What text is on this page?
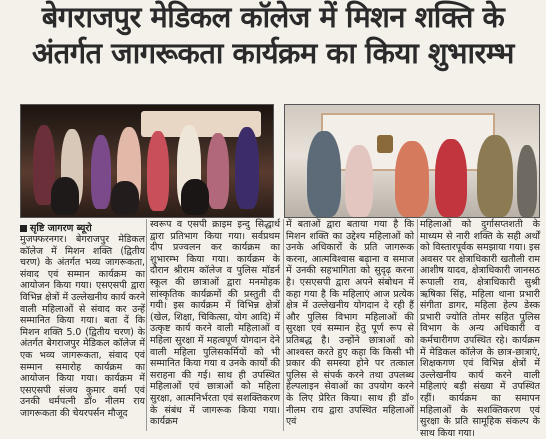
बेगराजपुर मेडिकल कॉलेज में मिशन शक्ति के
अंतर्गत जागरूकता कार्यक्रम का किया शुभारम्भ
सृष्टि जागरण ब्यूरो
मुजफ्फरनगर। बेगराजपुर मेडिकल कॉलेज में मिशन शक्ति (द्वितीय चरण) के अंतर्गत भव्य जागरूकता, संवाद एवं सम्मान कार्यक्रम का आयोजन किया गया। एसएसपी द्वारा विभिन्न क्षेत्रों में उल्लेखनीय कार्य करने वाली महिलाओं से संवाद कर उन्हें सम्मानित किया गया। बता दें कि मिशन शक्ति 5.0 (द्वितीय चरण) के अंतर्गत बेगराजपुर मेडिकल कॉलेज में एक भव्य जागरूकता, संवाद एवं सम्मान समारोह कार्यक्रम का आयोजन किया गया। कार्यक्रम में एसएसपी संजय कुमार वर्मा एवं उनकी धर्मपत्नी डॉ० नीलम राय जागरूकता की चेयरपर्सन मौजूद
स्वरूप व एसपी क्राइम इन्दु सिद्धार्थ द्वारा प्रतिभाग किया गया। सर्वप्रथम दीप प्रज्वलन कर कार्यक्रम का शुभारम्भ किया गया। कार्यक्रम के दौरान श्रीराम कॉलेज व पुलिस मॉडर्न स्कूल की छात्राओं द्वारा मनमोहक सांस्कृतिक कार्यक्रमों की प्रस्तुती दी गयी। इस कार्यक्रम में विभिन्न क्षेत्रों (खेल, शिक्षा, चिकित्सा, योग आदि) में उत्कृष्ट कार्य करने वाली महिलाओं व महिला सुरक्षा में महत्वपूर्ण योगदान देने वाली महिला पुलिसकर्मियों को भी सम्मानित किया गया व उनके कार्यों की सराहना की गई। साथ ही उपस्थित महिलाओं एवं छात्राओं को महिला सुरक्षा, आत्मनिर्भरता एवं सशक्तिकरण के संबंध में जागरूक किया गया। कार्यक्रम
में बताओं द्वारा बताया गया है कि मिशन शक्ति का उद्देश्य महिलाओं को उनके अधिकारों के प्रति जागरूक करना, आत्मविश्वास बढ़ाना व समाज में उनकी सहभागिता को सुदृढ़ करना है। एसएसपी द्वारा अपने संबोधन में कहा गया है कि महिलाएं आज प्रत्येक क्षेत्र में उल्लेखनीय योगदान दे रही हैं और पुलिस विभाग महिलाओं की सुरक्षा एवं सम्मान हेतु पूर्ण रूप से प्रतिबद्ध है। उन्होंने छात्राओं को आश्वस्त करते हुए कहा कि किसी भी प्रकार की समस्या होने पर तत्काल पुलिस से संपर्क करने तथा उपलब्ध हेल्पलाइन सेवाओं का उपयोग करने के लिए प्रेरित किया। साथ ही डॉ० नीलम राय द्वारा उपस्थित महिलाओं एवं
महिलाओं को दुर्गासप्तशती के माध्यम से नारी शक्ति के सही अर्थों को विस्तारपूर्वक समझाया गया। इस अवसर पर क्षेत्राधिकारी खतौली राम आशीष यादव, क्षेत्राधिकारी जानसठ रूपाली राव, क्षेत्राधिकारी सुश्री ऋषिका सिंह, महिला थाना प्रभारी संगीता डागर, महिला हेल्प डेस्क प्रभारी ज्योति तोमर सहित पुलिस विभाग के अन्य अधिकारी व कर्मचारीगण उपस्थित रहे। कार्यक्रम में मेडिकल कॉलेज के छात्र-छात्राएं, शिक्षकगण एवं विभिन्न क्षेत्रों में उल्लेखनीय कार्य करने वाली महिलाएं बड़ी संख्या में उपस्थित रहीं। कार्यक्रम का समापन महिलाओं के सशक्तिकरण एवं सुरक्षा के प्रति सामूहिक संकल्प के साथ किया गया।
